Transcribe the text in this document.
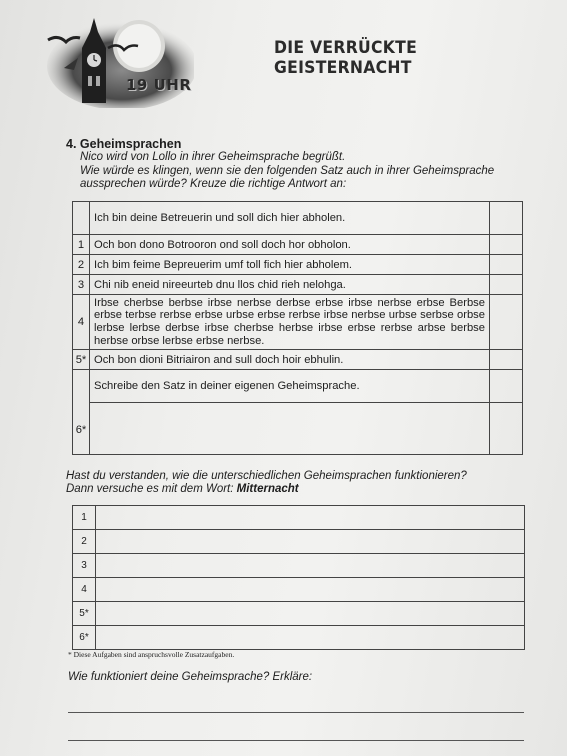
19 UHR
DIE VERRÜCKTE GEISTERNACHT
4. Geheimsprachen
Nico wird von Lollo in ihrer Geheimsprache begrüßt.
Wie würde es klingen, wenn sie den folgenden Satz auch in ihrer Geheimsprache
aussprechen würde? Kreuze die richtige Antwort an:
	Ich bin deine Betreuerin und soll dich hier abholen.	
1	Och bon dono Botrooron ond soll doch hor obholon.	
2	Ich bim feime Bepreuerim umf toll fich hier abholem.	
3	Chi nib eneid nireeurteb dnu llos chid rieh nelohga.	
4	Irbse cherbse berbse irbse nerbse derbse erbse irbse nerbse erbse Berbse erbse terbse rerbse erbse urbse erbse rerbse irbse nerbse urbse serbse orbse lerbse lerbse derbse irbse cherbse herbse irbse erbse rerbse arbse berbse herbse orbse lerbse erbse nerbse.	
5*	Och bon dioni Bitriairon and sull doch hoir ebhulin.	
6*	Schreibe den Satz in deiner eigenen Geheimsprache.	

Hast du verstanden, wie die unterschiedlichen Geheimsprachen funktionieren?
Dann versuche es mit dem Wort: Mitternacht
1	
2	
3	
4	
5*	
6*	
* Diese Aufgaben sind anspruchsvolle Zusatzaufgaben.
Wie funktioniert deine Geheimsprache? Erkläre:
